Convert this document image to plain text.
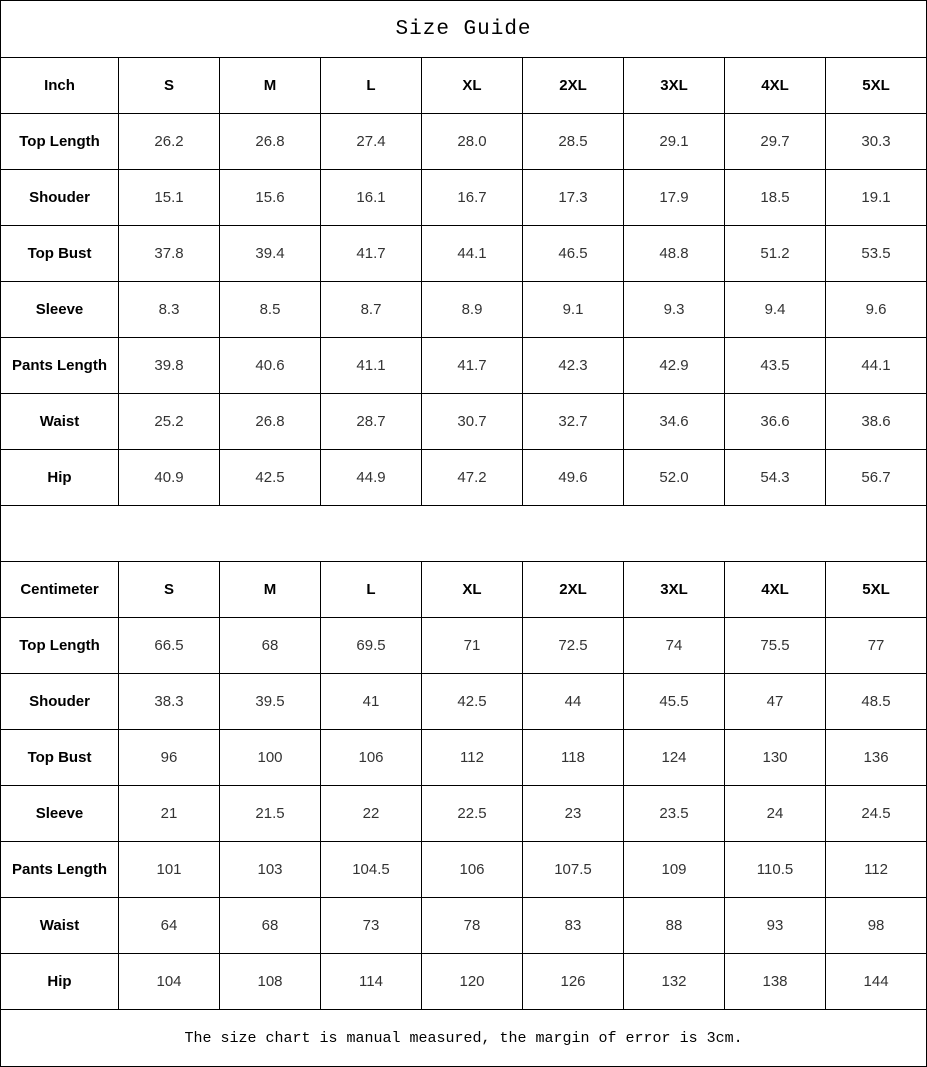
Size Guide								
Inch	S	M	L	XL	2XL	3XL	4XL	5XL
Top Length	26.2	26.8	27.4	28.0	28.5	29.1	29.7	30.3
Shouder	15.1	15.6	16.1	16.7	17.3	17.9	18.5	19.1
Top Bust	37.8	39.4	41.7	44.1	46.5	48.8	51.2	53.5
Sleeve	8.3	8.5	8.7	8.9	9.1	9.3	9.4	9.6
Pants Length	39.8	40.6	41.1	41.7	42.3	42.9	43.5	44.1
Waist	25.2	26.8	28.7	30.7	32.7	34.6	36.6	38.6
Hip	40.9	42.5	44.9	47.2	49.6	52.0	54.3	56.7

Centimeter	S	M	L	XL	2XL	3XL	4XL	5XL
Top Length	66.5	68	69.5	71	72.5	74	75.5	77
Shouder	38.3	39.5	41	42.5	44	45.5	47	48.5
Top Bust	96	100	106	112	118	124	130	136
Sleeve	21	21.5	22	22.5	23	23.5	24	24.5
Pants Length	101	103	104.5	106	107.5	109	110.5	112
Waist	64	68	73	78	83	88	93	98
Hip	104	108	114	120	126	132	138	144
The size chart is manual measured, the margin of error is 3cm.								
